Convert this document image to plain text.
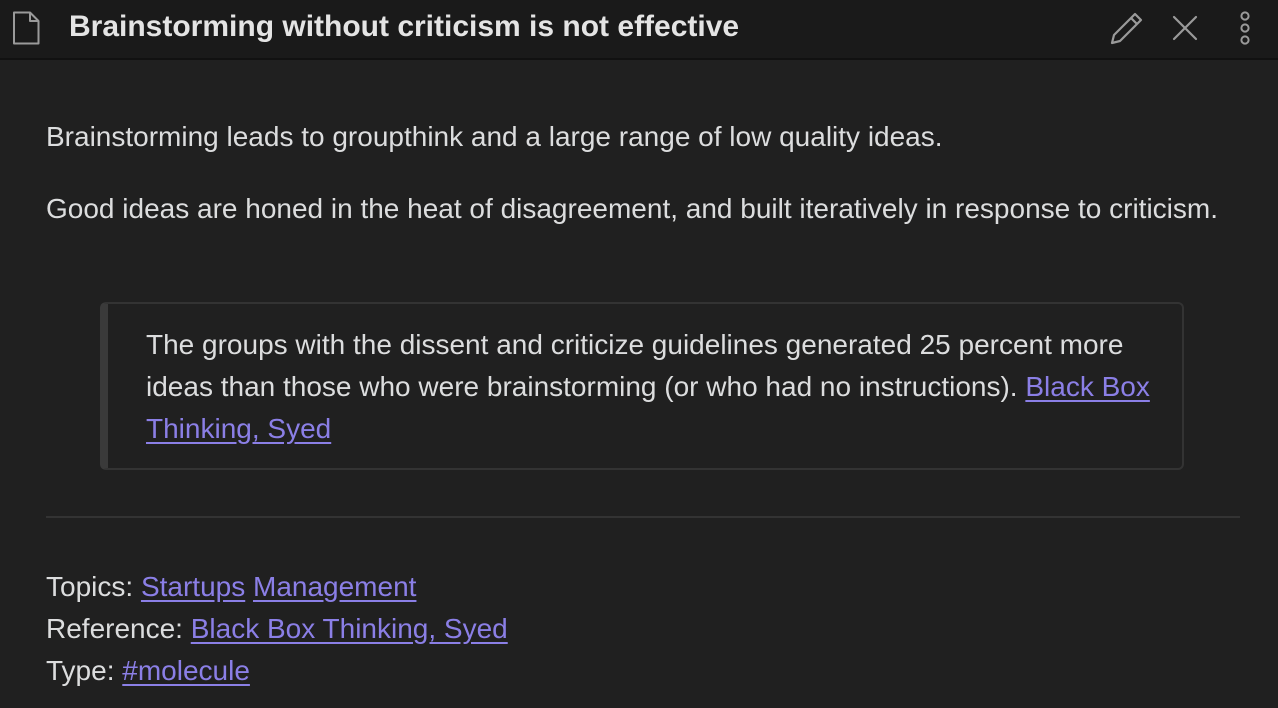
Brainstorming without criticism is not effective

Brainstorming leads to groupthink and a large range of low quality ideas.

Good ideas are honed in the heat of disagreement, and built iteratively in response to criticism.

The groups with the dissent and criticize guidelines generated 25 percent more ideas than those who were brainstorming (or who had no instructions). Black Box Thinking, Syed
Topics: Startups Management
Reference: Black Box Thinking, Syed
Type: #molecule
